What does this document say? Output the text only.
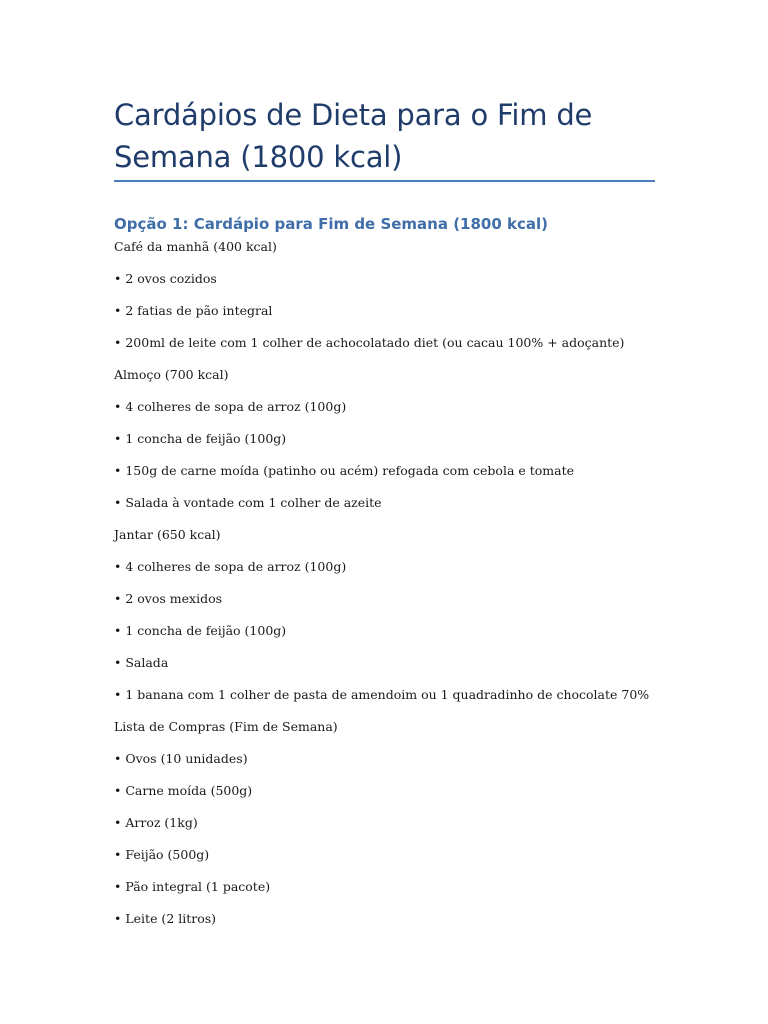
Cardápios de Dieta para o Fim de Semana (1800 kcal)
Opção 1: Cardápio para Fim de Semana (1800 kcal)
Café da manhã (400 kcal)
• 2 ovos cozidos
• 2 fatias de pão integral
• 200ml de leite com 1 colher de achocolatado diet (ou cacau 100% + adoçante)
Almoço (700 kcal)
• 4 colheres de sopa de arroz (100g)
• 1 concha de feijão (100g)
• 150g de carne moída (patinho ou acém) refogada com cebola e tomate
• Salada à vontade com 1 colher de azeite
Jantar (650 kcal)
• 4 colheres de sopa de arroz (100g)
• 2 ovos mexidos
• 1 concha de feijão (100g)
• Salada
• 1 banana com 1 colher de pasta de amendoim ou 1 quadradinho de chocolate 70%
Lista de Compras (Fim de Semana)
• Ovos (10 unidades)
• Carne moída (500g)
• Arroz (1kg)
• Feijão (500g)
• Pão integral (1 pacote)
• Leite (2 litros)
